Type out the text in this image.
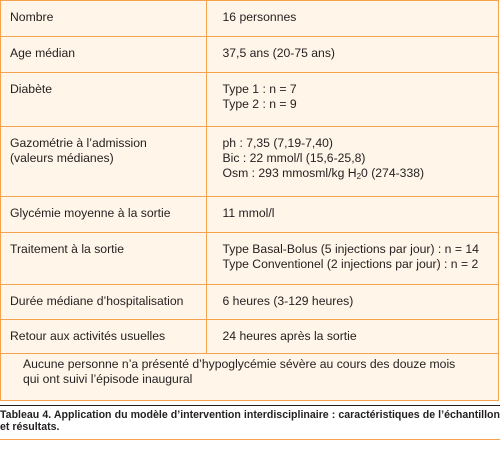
Nombre	16 personnes

Age médian	37,5 ans (20-75 ans)

Diabète	Type 1 : n = 7
Type 2 : n = 9

Gazométrie à l’admission
(valeurs médianes)	ph : 7,35 (7,19-7,40)
Bic : 22 mmol/l (15,6-25,8)
Osm : 293 mmosml/kg $H_20$ (274-338)

Glycémie moyenne à la sortie	11 mmol/l

Traitement à la sortie	Type Basal-Bolus (5 injections par jour) : n = 14
Type Conventionel (2 injections par jour) : n = 2

Durée médiane d’hospitalisation	6 heures (3-129 heures)

Retour aux activités usuelles	24 heures après la sortie
Aucune personne n’a présenté d’hypoglycémie sévère au cours des douze mois
qui ont suivi l’épisode inaugural
Tableau 4. Application du modèle d’intervention interdisciplinaire : caractéristiques de l’échantillon et résultats.
